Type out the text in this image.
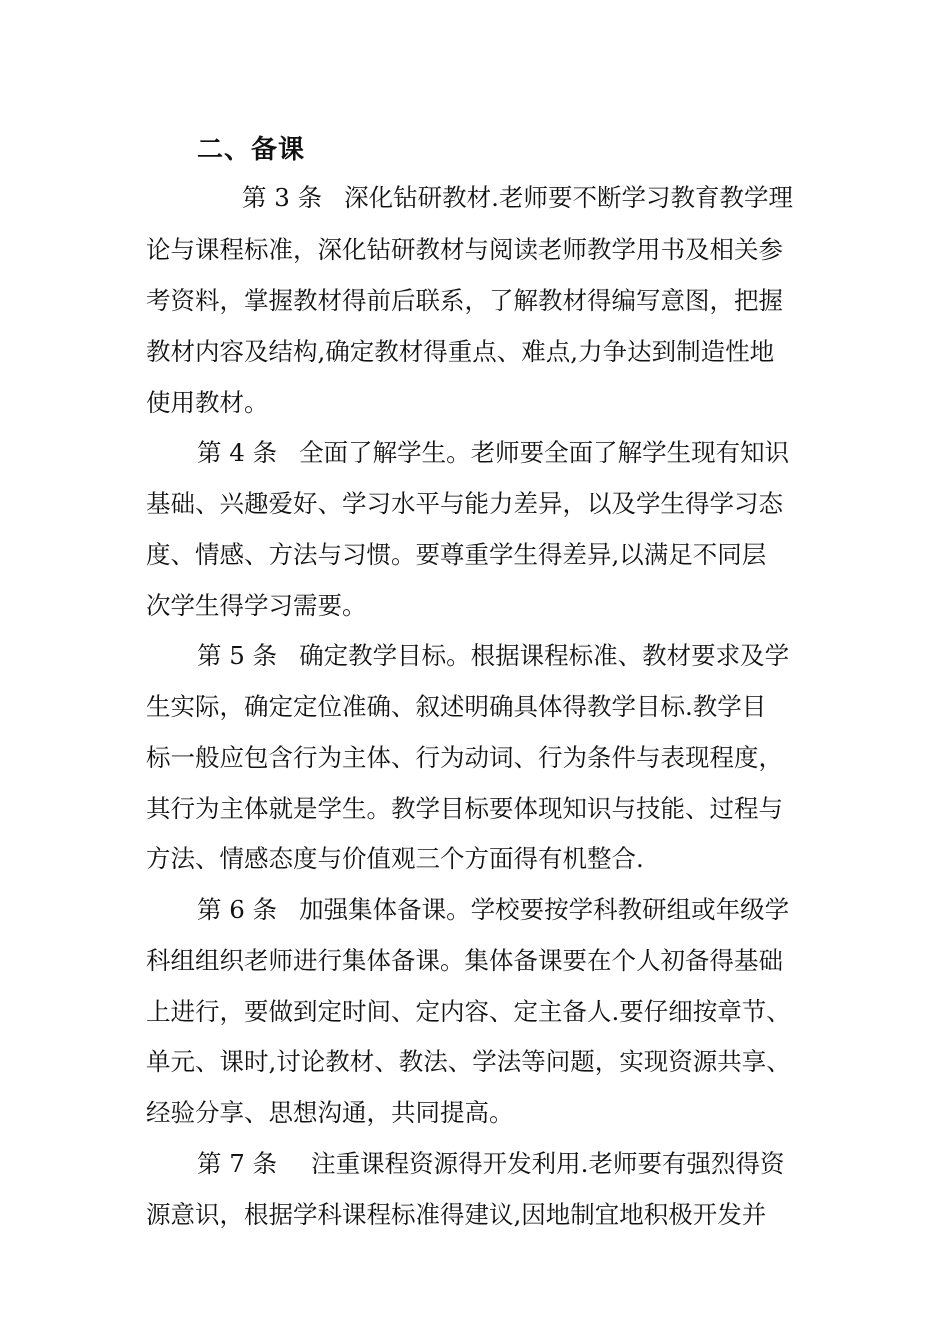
二、备课

第 3 条 深化钻研教材.老师要不断学习教育教学理

论与课程标准，深化钻研教材与阅读老师教学用书及相关参

考资料，掌握教材得前后联系，了解教材得编写意图，把握

教材内容及结构,确定教材得重点、难点,力争达到制造性地

使用教材。

第 4 条 全面了解学生。老师要全面了解学生现有知识

基础、兴趣爱好、学习水平与能力差异，以及学生得学习态

度、情感、方法与习惯。要尊重学生得差异,以满足不同层

次学生得学习需要。

第 5 条 确定教学目标。根据课程标准、教材要求及学

生实际，确定定位准确、叙述明确具体得教学目标.教学目

标一般应包含行为主体、行为动词、行为条件与表现程度，

其行为主体就是学生。教学目标要体现知识与技能、过程与

方法、情感态度与价值观三个方面得有机整合.

第 6 条 加强集体备课。学校要按学科教研组或年级学

科组组织老师进行集体备课。集体备课要在个人初备得基础

上进行，要做到定时间、定内容、定主备人.要仔细按章节、

单元、课时,讨论教材、教法、学法等问题，实现资源共享、

经验分享、思想沟通，共同提高。

第 7 条 注重课程资源得开发利用.老师要有强烈得资

源意识，根据学科课程标准得建议,因地制宜地积极开发并
